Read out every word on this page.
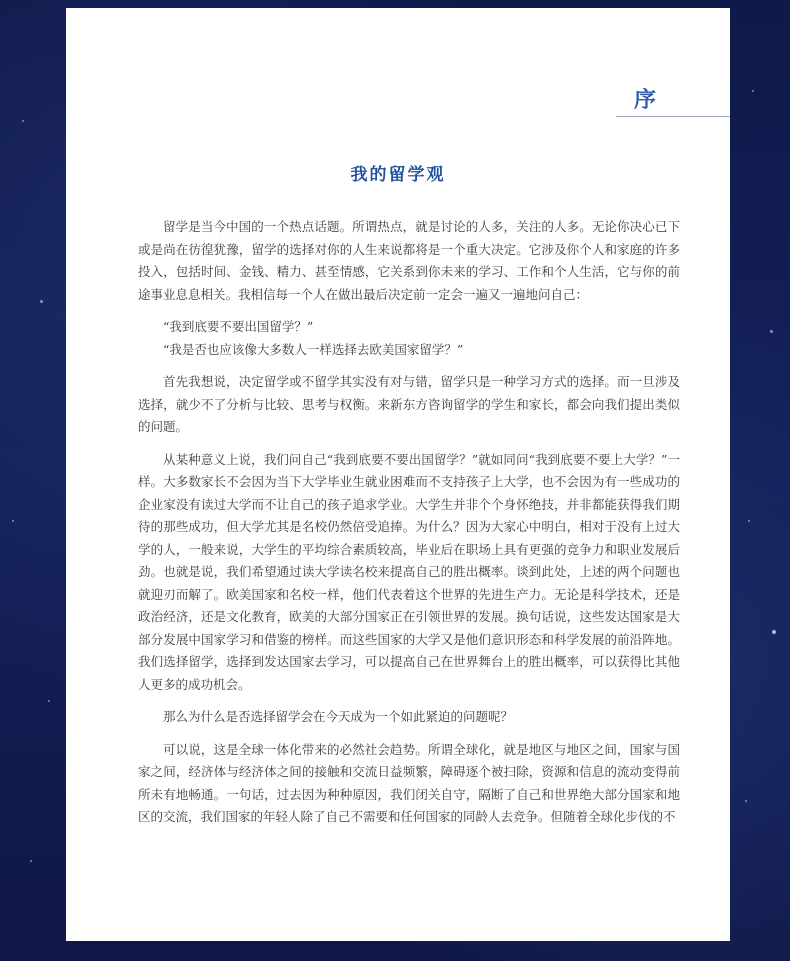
序
我的留学观

留学是当今中国的一个热点话题。所谓热点，就是讨论的人多，关注的人多。无论你决心已下或是尚在彷徨犹豫，留学的选择对你的人生来说都将是一个重大决定。它涉及你个人和家庭的许多投入，包括时间、金钱、精力、甚至情感，它关系到你未来的学习、工作和个人生活，它与你的前途事业息息相关。我相信每一个人在做出最后决定前一定会一遍又一遍地问自己：

“我到底要不要出国留学？”

“我是否也应该像大多数人一样选择去欧美国家留学？”

首先我想说，决定留学或不留学其实没有对与错，留学只是一种学习方式的选择。而一旦涉及选择，就少不了分析与比较、思考与权衡。来新东方咨询留学的学生和家长，都会向我们提出类似的问题。

从某种意义上说，我们问自己“我到底要不要出国留学？”就如同问“我到底要不要上大学？”一样。大多数家长不会因为当下大学毕业生就业困难而不支持孩子上大学，也不会因为有一些成功的企业家没有读过大学而不让自己的孩子追求学业。大学生并非个个身怀绝技，并非都能获得我们期待的那些成功，但大学尤其是名校仍然倍受追捧。为什么？因为大家心中明白，相对于没有上过大学的人，一般来说，大学生的平均综合素质较高，毕业后在职场上具有更强的竞争力和职业发展后劲。也就是说，我们希望通过读大学读名校来提高自己的胜出概率。谈到此处，上述的两个问题也就迎刃而解了。欧美国家和名校一样，他们代表着这个世界的先进生产力。无论是科学技术，还是政治经济，还是文化教育，欧美的大部分国家正在引领世界的发展。换句话说，这些发达国家是大部分发展中国家学习和借鉴的榜样。而这些国家的大学又是他们意识形态和科学发展的前沿阵地。我们选择留学，选择到发达国家去学习，可以提高自己在世界舞台上的胜出概率，可以获得比其他人更多的成功机会。

那么为什么是否选择留学会在今天成为一个如此紧迫的问题呢？

可以说，这是全球一体化带来的必然社会趋势。所谓全球化，就是地区与地区之间，国家与国家之间，经济体与经济体之间的接触和交流日益频繁，障碍逐个被扫除，资源和信息的流动变得前所未有地畅通。一句话，过去因为种种原因，我们闭关自守，隔断了自己和世界绝大部分国家和地区的交流，我们国家的年轻人除了自己不需要和任何国家的同龄人去竞争。但随着全球化步伐的不
